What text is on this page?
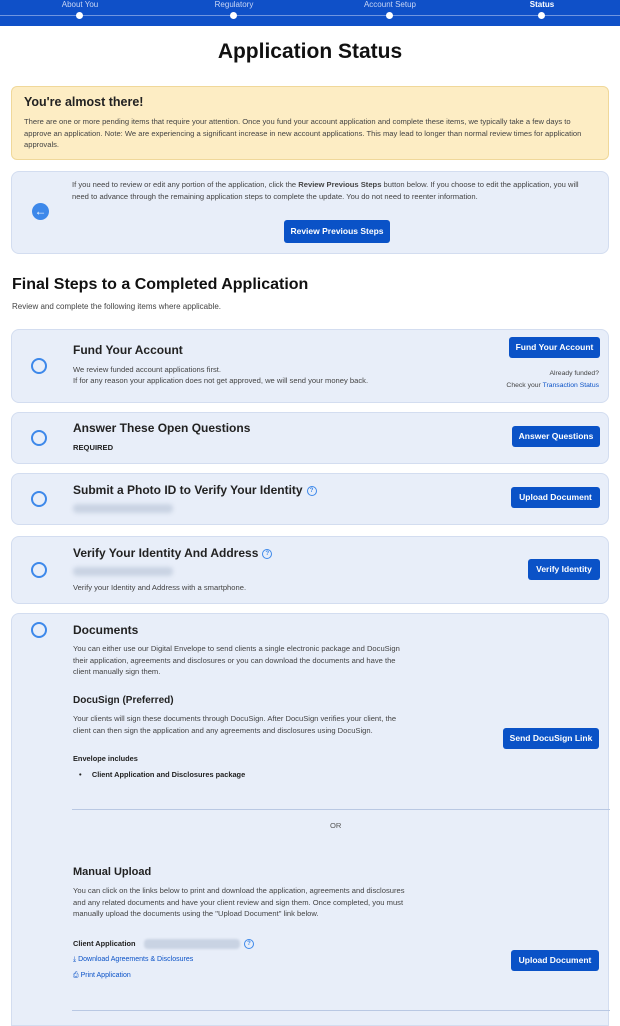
About You	Regulatory	Account Setup	Status
Application Status
You're almost there!

There are one or more pending items that require your attention. Once you fund your account application and complete these items, we typically take a few days to approve an application. Note: We are experiencing a significant increase in new account applications. This may lead to longer than normal review times for application approvals.

←

If you need to review or edit any portion of the application, click the Review Previous Steps button below. If you choose to edit the application, you will need to advance through the remaining application steps to complete the update. You do not need to reenter information.

Review Previous Steps
Final Steps to a Completed Application
Review and complete the following items where applicable.
Fund Your Account
We review funded account applications first.
If for any reason your application does not get approved, we will send your money back.
Fund Your Account
Already funded?
Check your Transaction Status
Answer These Open Questions
REQUIRED
Answer Questions
Submit a Photo ID to Verify Your Identity ?
Upload Document
Verify Your Identity And Address ?
Verify your Identity and Address with a smartphone.
Verify Identity
Documents
You can either use our Digital Envelope to send clients a single electronic package and DocuSign their application, agreements and disclosures or you can download the documents and have the client manually sign them.
DocuSign (Preferred)
Your clients will sign these documents through DocuSign. After DocuSign verifies your client, the client can then sign the application and any agreements and disclosures using DocuSign.
Envelope includes
•     Client Application and Disclosures package
Send DocuSign Link
OR
Manual Upload
You can click on the links below to print and download the application, agreements and disclosures and any related documents and have your client review and sign them. Once completed, you must manually upload the documents using the "Upload Document" link below.
Client Application	?
⤓ Download Agreements & Disclosures
⎙ Print Application
Upload Document
